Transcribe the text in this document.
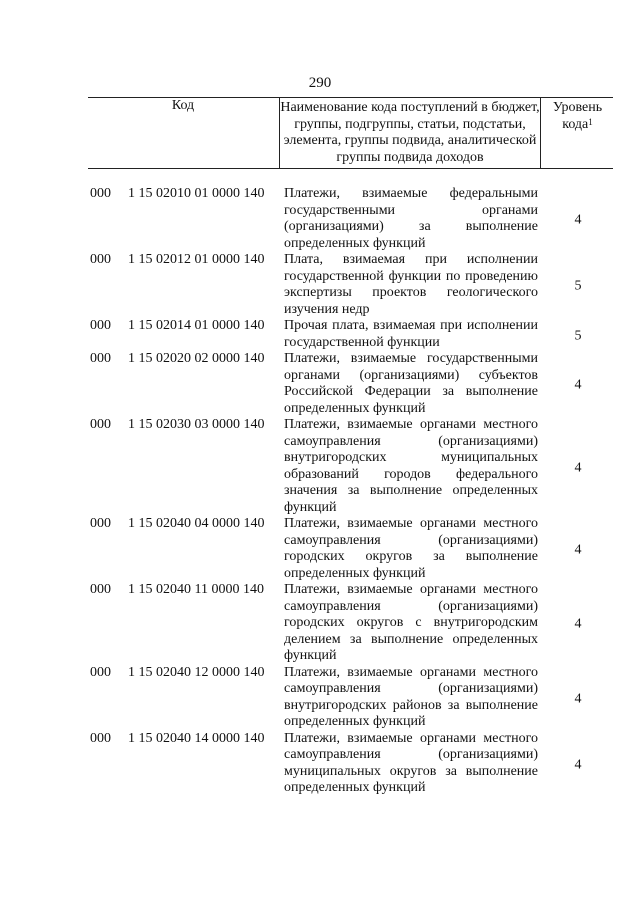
290
Код	Наименование кода поступлений в бюджет, группы, подгруппы, статьи, подстатьи, элемента, группы подвида, аналитической группы подвида доходов
Уровень кода$^1$
000 1 15 02010 01 0000 140 Платежи, взимаемые федеральными государственными органами (организациями) за выполнение определенных функций
4
000 1 15 02012 01 0000 140 Плата, взимаемая при исполнении государственной функции по проведению экспертизы проектов геологического изучения недр
5
000 1 15 02014 01 0000 140 Прочая плата, взимаемая при исполнении государственной функции	5
000 1 15 02020 02 0000 140 Платежи, взимаемые государственными органами (организациями) субъектов Российской Федерации за выполнение определенных функций
4
000 1 15 02030 03 0000 140 Платежи, взимаемые органами местного самоуправления (организациями) внутригородских муниципальных образований городов федерального значения за выполнение определенных функций
4
000 1 15 02040 04 0000 140 Платежи, взимаемые органами местного самоуправления (организациями) городских округов за выполнение определенных функций
4
000 1 15 02040 11 0000 140 Платежи, взимаемые органами местного самоуправления (организациями) городских округов с внутригородским делением за выполнение определенных функций
4
000 1 15 02040 12 0000 140 Платежи, взимаемые органами местного самоуправления (организациями) внутригородских районов за выполнение определенных функций
4
000 1 15 02040 14 0000 140 Платежи, взимаемые органами местного самоуправления (организациями) муниципальных округов за выполнение определенных функций
4
